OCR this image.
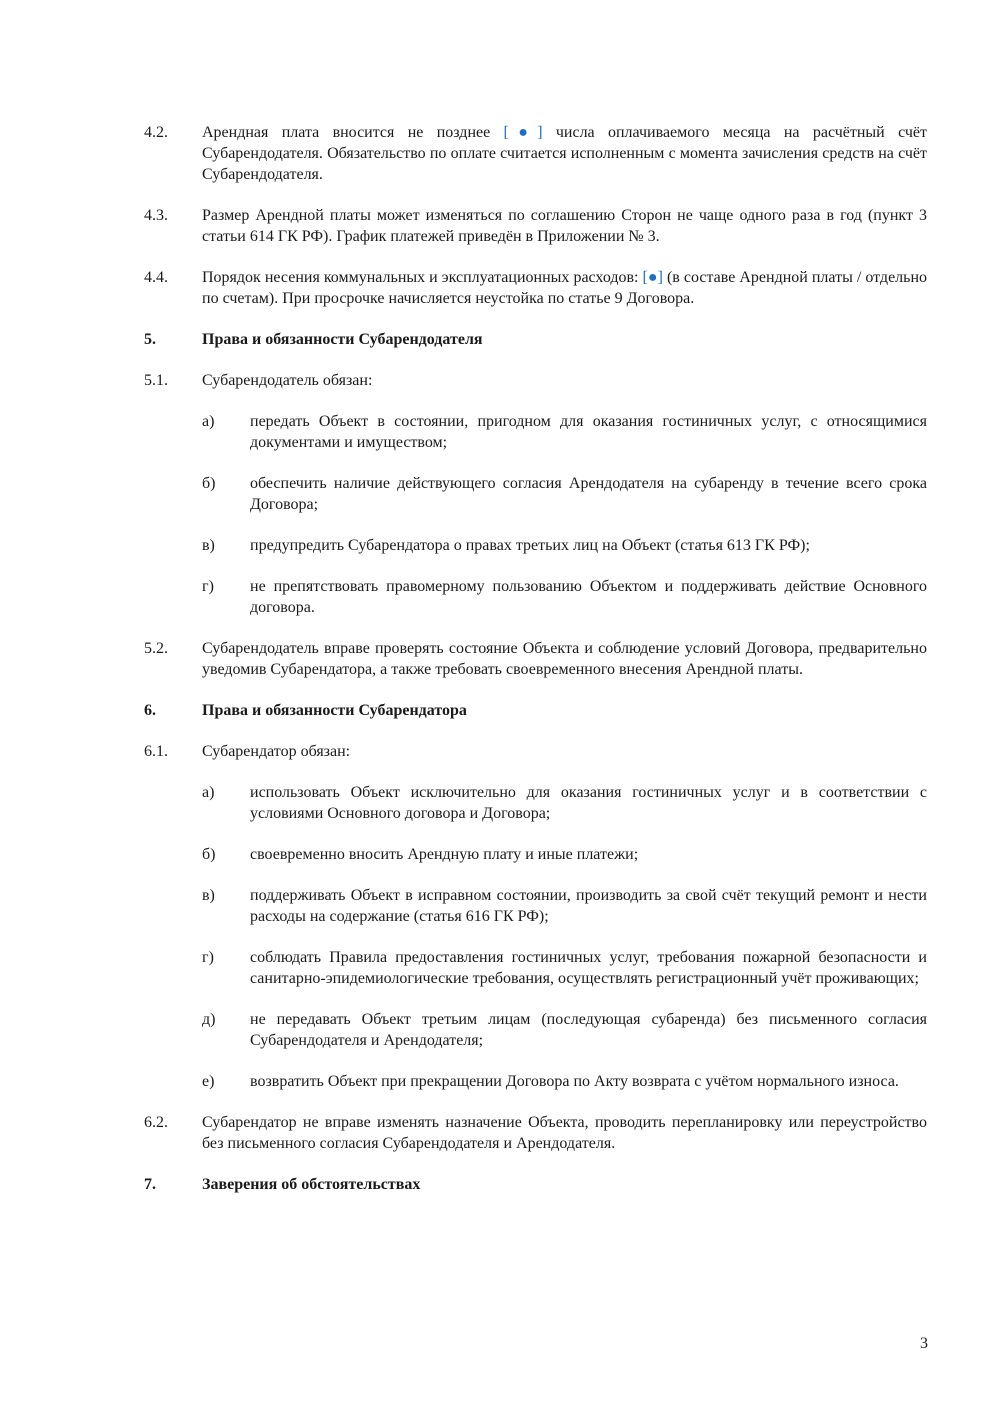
4.2.	Арендная плата вносится не позднее [●] числа оплачиваемого месяца на расчётный счёт Субарендодателя. Обязательство по оплате считается исполненным с момента зачисления средств на счёт Субарендодателя.
4.3.	Размер Арендной платы может изменяться по соглашению Сторон не чаще одного раза в год (пункт 3 статьи 614 ГК РФ). График платежей приведён в Приложении № 3.
4.4.	Порядок несения коммунальных и эксплуатационных расходов: [●] (в составе Арендной платы / отдельно по счетам). При просрочке начисляется неустойка по статье 9 Договора.
5.	Права и обязанности Субарендодателя
5.1.	Субарендодатель обязан:
а)	передать Объект в состоянии, пригодном для оказания гостиничных услуг, с относящимися документами и имуществом;
б)	обеспечить наличие действующего согласия Арендодателя на субаренду в течение всего срока Договора;
в)	предупредить Субарендатора о правах третьих лиц на Объект (статья 613 ГК РФ);
г)	не препятствовать правомерному пользованию Объектом и поддерживать действие Основного договора.
5.2.	Субарендодатель вправе проверять состояние Объекта и соблюдение условий Договора, предварительно уведомив Субарендатора, а также требовать своевременного внесения Арендной платы.
6.	Права и обязанности Субарендатора
6.1.	Субарендатор обязан:
а)	использовать Объект исключительно для оказания гостиничных услуг и в соответствии с условиями Основного договора и Договора;
б)	своевременно вносить Арендную плату и иные платежи;
в)	поддерживать Объект в исправном состоянии, производить за свой счёт текущий ремонт и нести расходы на содержание (статья 616 ГК РФ);
г)	соблюдать Правила предоставления гостиничных услуг, требования пожарной безопасности и санитарно-эпидемиологические требования, осуществлять регистрационный учёт проживающих;
д)	не передавать Объект третьим лицам (последующая субаренда) без письменного согласия Субарендодателя и Арендодателя;
е)	возвратить Объект при прекращении Договора по Акту возврата с учётом нормального износа.
6.2.	Субарендатор не вправе изменять назначение Объекта, проводить перепланировку или переустройство без письменного согласия Субарендодателя и Арендодателя.
7.	Заверения об обстоятельствах
3
